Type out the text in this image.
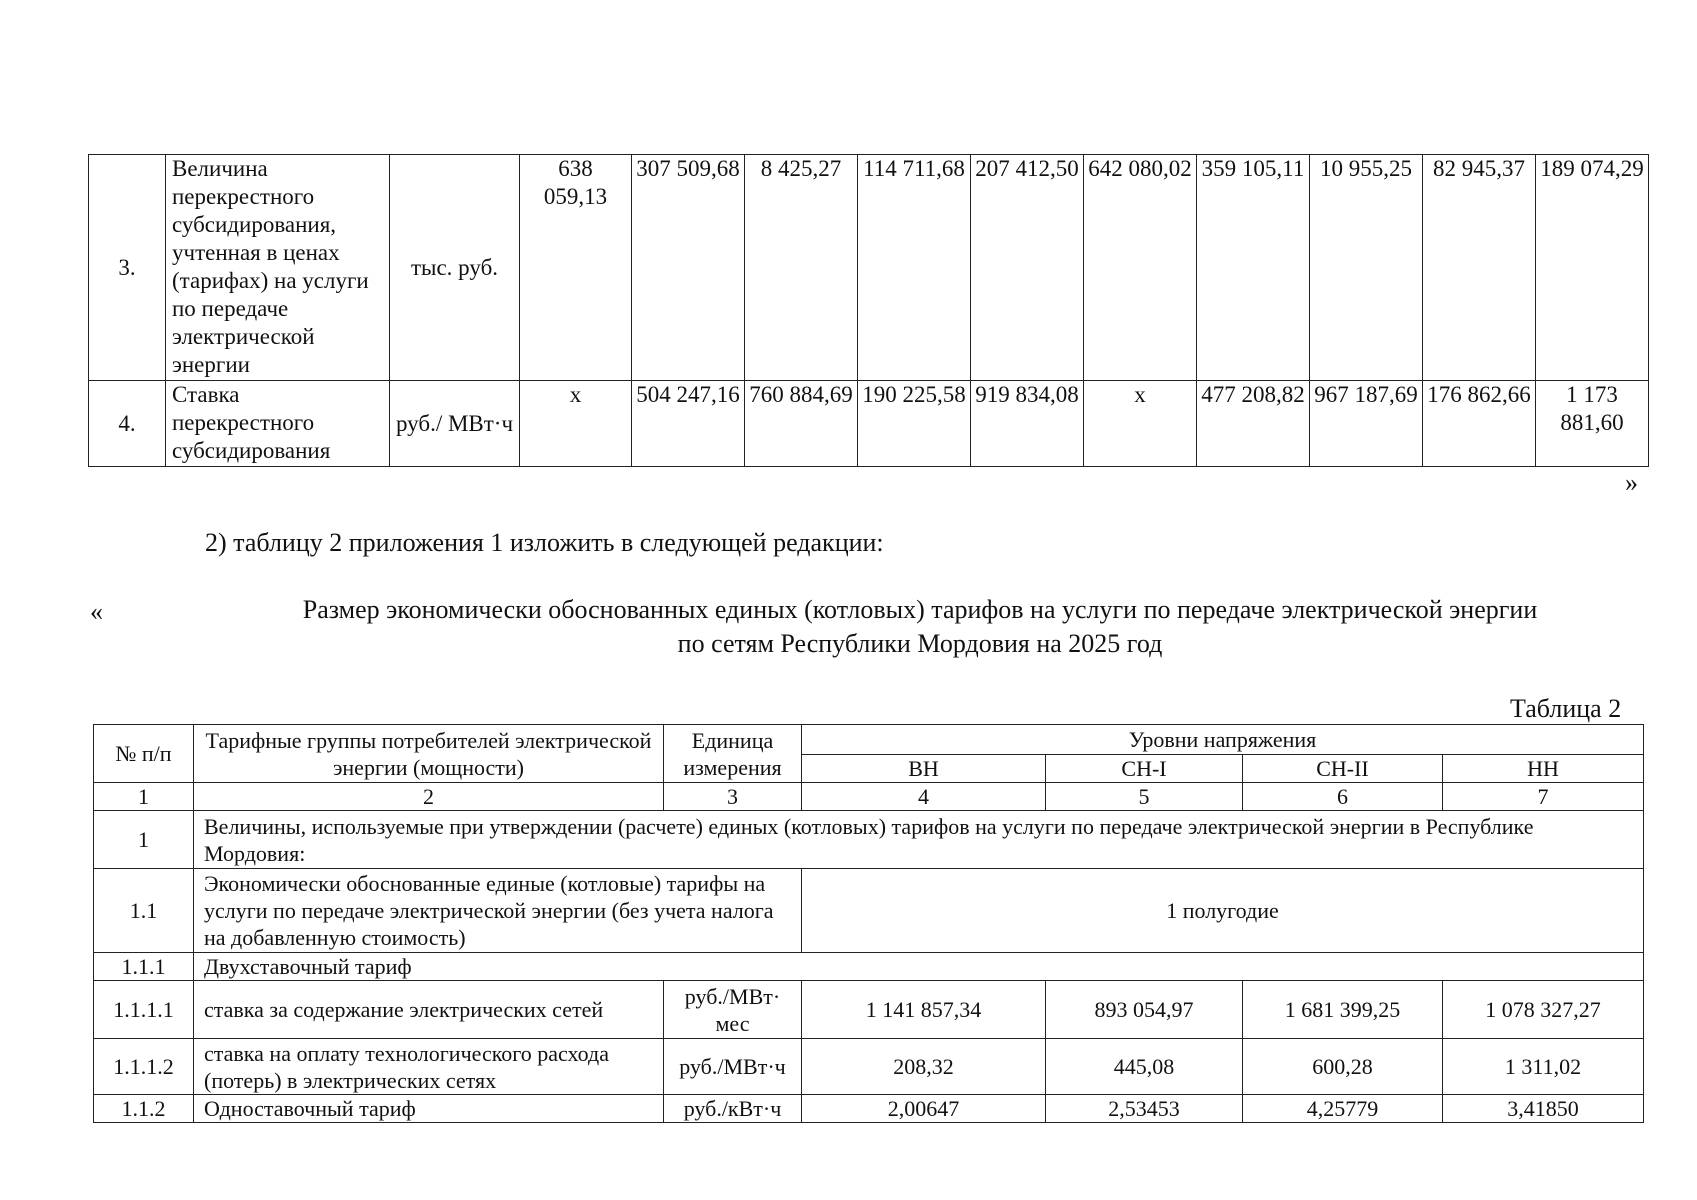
3.	Величина перекрестного субсидирования, учтенная в ценах (тарифах) на услуги по передаче электрической энергии	тыс. руб.	638 059,13	307 509,68	8 425,27	114 711,68	207 412,50	642 080,02	359 105,11	10 955,25	82 945,37	189 074,29
4.	Ставка перекрестного субсидирования	руб./ МВт·ч	х	504 247,16	760 884,69	190 225,58	919 834,08	х	477 208,82	967 187,69	176 862,66	1 173 881,60
»
2) таблицу 2 приложения 1 изложить в следующей редакции:
«	Размер экономически обоснованных единых (котловых) тарифов на услуги по передаче электрической энергии
по сетям Республики Мордовия на 2025 год
Таблица 2
№ п/п	Тарифные группы потребителей электрической энергии (мощности)	Единица измерения	Уровни напряжения			
			ВН	СН-I	СН-II	НН
1	2	3	4	5	6	7
1	Величины, используемые при утверждении (расчете) единых (котловых) тарифов на услуги по передаче электрической энергии в Республике Мордовия:					
1.1	Экономически обоснованные единые (котловые) тарифы на услуги по передаче электрической энергии (без учета налога на добавленную стоимость)		1 полугодие			
1.1.1	Двухставочный тариф					
1.1.1.1	ставка за содержание электрических сетей	руб./МВт· мес	1 141 857,34	893 054,97	1 681 399,25	1 078 327,27
1.1.1.2	ставка на оплату технологического расхода (потерь) в электрических сетях	руб./МВт·ч	208,32	445,08	600,28	1 311,02
1.1.2	Одноставочный тариф	руб./кВт·ч	2,00647	2,53453	4,25779	3,41850
